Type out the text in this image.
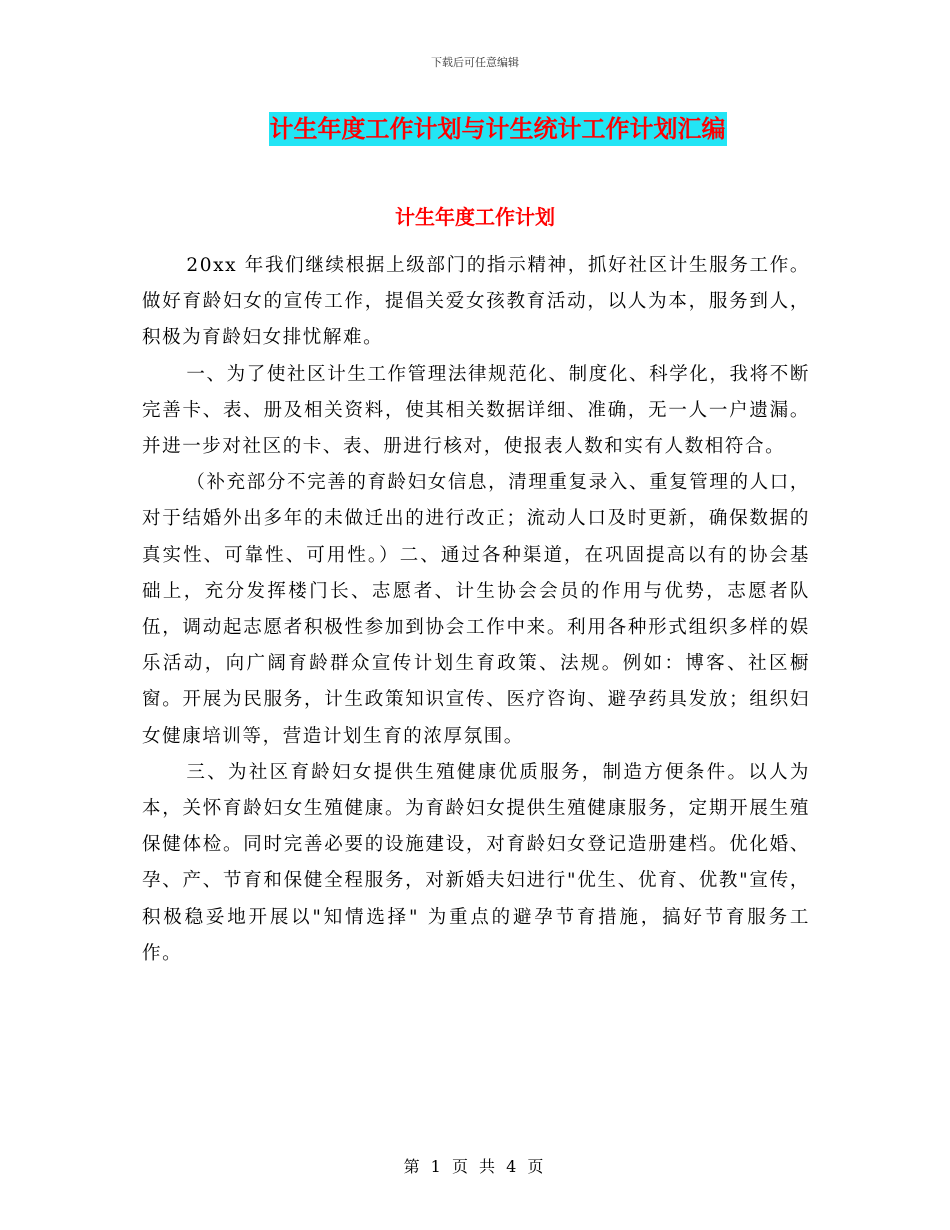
下载后可任意编辑
计生年度工作计划与计生统计工作计划汇编
计生年度工作计划

20xx 年我们继续根据上级部门的指示精神，抓好社区计生服务工作。做好育龄妇女的宣传工作，提倡关爱女孩教育活动，以人为本，服务到人，积极为育龄妇女排忧解难。

一、为了使社区计生工作管理法律规范化、制度化、科学化，我将不断完善卡、表、册及相关资料，使其相关数据详细、准确，无一人一户遗漏。并进一步对社区的卡、表、册进行核对，使报表人数和实有人数相符合。

（补充部分不完善的育龄妇女信息，清理重复录入、重复管理的人口，对于结婚外出多年的未做迁出的进行改正；流动人口及时更新，确保数据的真实性、可靠性、可用性。）二、通过各种渠道，在巩固提高以有的协会基础上，充分发挥楼门长、志愿者、计生协会会员的作用与优势，志愿者队伍，调动起志愿者积极性参加到协会工作中来。利用各种形式组织多样的娱乐活动，向广阔育龄群众宣传计划生育政策、法规。例如：博客、社区橱窗。开展为民服务，计生政策知识宣传、医疗咨询、避孕药具发放；组织妇女健康培训等，营造计划生育的浓厚氛围。

三、为社区育龄妇女提供生殖健康优质服务，制造方便条件。以人为本，关怀育龄妇女生殖健康。为育龄妇女提供生殖健康服务，定期开展生殖保健体检。同时完善必要的设施建设，对育龄妇女登记造册建档。优化婚、孕、产、节育和保健全程服务，对新婚夫妇进行"优生、优育、优教"宣传，积极稳妥地开展以"知情选择" 为重点的避孕节育措施，搞好节育服务工作。

第 1 页 共 4 页
